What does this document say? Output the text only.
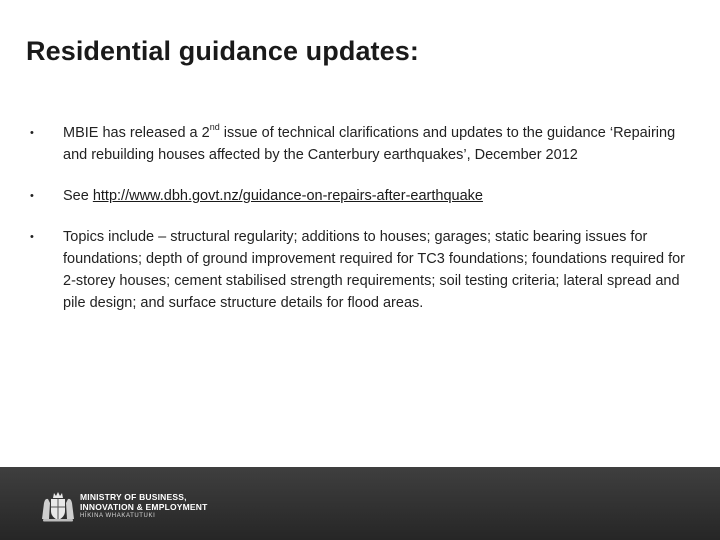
Residential guidance updates:
• MBIE has released a 2nd issue of technical clarifications and updates to the guidance ‘Repairing and rebuilding houses affected by the Canterbury earthquakes’, December 2012
• See http://www.dbh.govt.nz/guidance-on-repairs-after-earthquake
• Topics include – structural regularity; additions to houses; garages; static bearing issues for foundations; depth of ground improvement required for TC3 foundations; foundations required for 2-storey houses; cement stabilised strength requirements; soil testing criteria; lateral spread and pile design; and surface structure details for flood areas.
MINISTRY OF BUSINESS,
INNOVATION & EMPLOYMENT
HĪKINA WHAKATUTUKI
